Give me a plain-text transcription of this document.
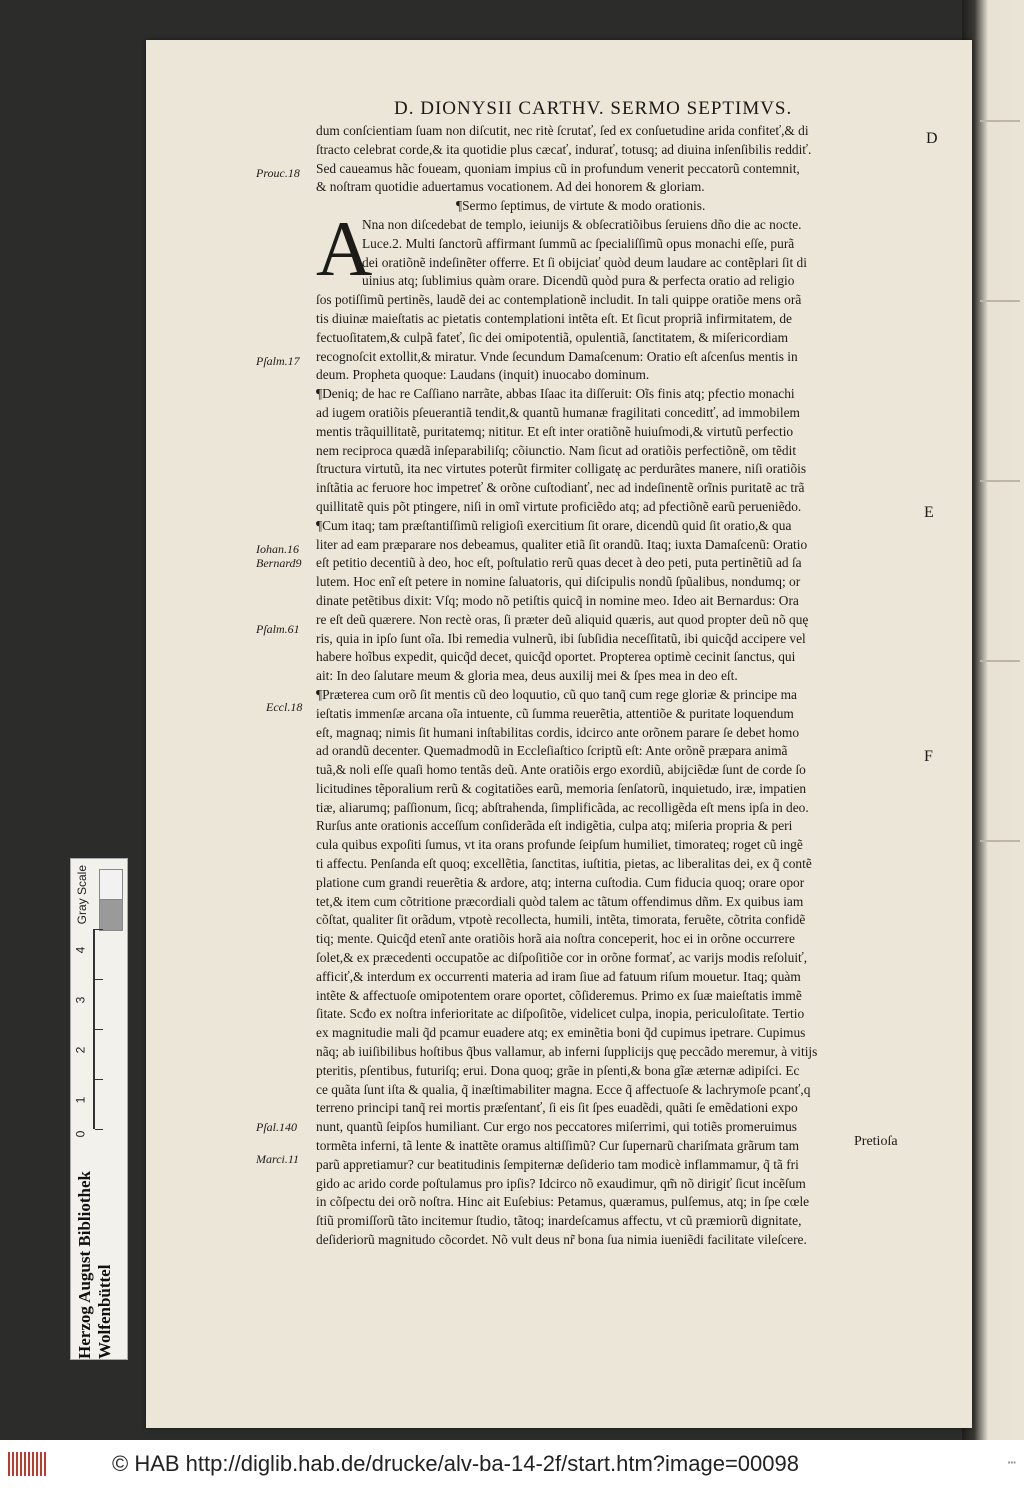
D. DIONYSII CARTHV. SERMO SEPTIMVS.
A
dum conſcientiam ſuam non diſcutit, nec ritè ſcrutať, ſed ex conſuetudine arida confiteť,& di
ſtracto celebrat corde,& ita quotidie plus cæcať, indurať, totusq; ad diuina inſenſibilis reddiť.
Sed caueamus hãc foueam, quoniam impius cũ in profundum venerit peccatorũ contemnit,
& noſtram quotidie aduertamus vocationem. Ad dei honorem & gloriam.
¶Sermo ſeptimus, de virtute & modo orationis.
Nna non diſcedebat de templo, ieiunijs & obſecratiõibus ſeruiens dño die ac nocte.
Luce.2. Multi ſanctorũ affirmant ſummũ ac ſpecialiſſimũ opus monachi eſſe, purã
dei oratiõnẽ indeſinẽter offerre. Et ſi obijciať quòd deum laudare ac contẽplari ſit di
uinius atq; ſublimius quàm orare. Dicendũ quòd pura & perfecta oratio ad religio
ſos potiſſimũ pertinẽs, laudẽ dei ac contemplationẽ includit. In tali quippe oratiõe mens orã
tis diuinæ maieſtatis ac pietatis contemplationi intẽta eſt. Et ſicut propriã infirmitatem, de
fectuoſitatem,& culpã fateť, ſic dei omipotentiã, opulentiã, ſanctitatem, & miſericordiam
recognoſcit extollit,& miratur. Vnde ſecundum Damaſcenum: Oratio eſt aſcenſus mentis in
deum. Propheta quoque: Laudans (inquit) inuocabo dominum.
¶Deniq; de hac re Caſſiano narrãte, abbas Iſaac ita diſſeruit: Oĩs finis atq; pfectio monachi
ad iugem oratiõis pſeuerantiã tendit,& quantũ humanæ fragilitati conceditť, ad immobilem
mentis trãquillitatẽ, puritatemq; nititur. Et eſt inter oratiõnẽ huiuſmodi,& virtutũ perfectio
nem reciproca quædã inſeparabiliſq; cõiunctio. Nam ſicut ad oratiõis perfectiõnẽ, om tẽdit
ſtructura virtutũ, ita nec virtutes poterũt firmiter colligatę ac perdurãtes manere, niſi oratiõis
inſtãtia ac feruore hoc impetreť & orõne cuſtodianť, nec ad indeſinentẽ orĩnis puritatẽ ac trã
quillitatẽ quis põt ptingere, niſi in omĩ virtute proficiẽdo atq; ad pfectiõnẽ earũ perueniẽdo.
¶Cum itaq; tam præſtantiſſimũ religioſi exercitium ſit orare, dicendũ quid ſit oratio,& qua
liter ad eam præparare nos debeamus, qualiter etiã ſit orandũ. Itaq; iuxta Damaſcenũ: Oratio
eſt petitio decentiũ à deo, hoc eſt, poſtulatio rerũ quas decet à deo peti, puta pertinẽtiũ ad ſa
lutem. Hoc enĩ eſt petere in nomine ſaluatoris, qui diſcipulis nondũ ſpũalibus, nondumq; or
dinate petẽtibus dixit: Vſq; modo nõ petiſtis quicq̃ in nomine meo. Ideo ait Bernardus: Ora
re eſt deũ quærere. Non rectè oras, ſi præter deũ aliquid quæris, aut quod propter deũ nõ quę
ris, quia in ipſo ſunt oĩa. Ibi remedia vulnerũ, ibi ſubſidia neceſſitatũ, ibi quicq̃d accipere vel
habere hoĩbus expedit, quicq̃d decet, quicq̃d oportet. Propterea optimè cecinit ſanctus, qui
ait: In deo ſalutare meum & gloria mea, deus auxilij mei & ſpes mea in deo eſt.
¶Præterea cum orõ ſit mentis cũ deo loquutio, cũ quo tanq̃ cum rege gloriæ & principe ma
ieſtatis immenſæ arcana oĩa intuente, cũ ſumma reuerẽtia, attentiõe & puritate loquendum
eſt, magnaq; nimis ſit humani inſtabilitas cordis, idcirco ante orõnem parare ſe debet homo
ad orandũ decenter. Quemadmodũ in Eccleſiaſtico ſcriptũ eſt: Ante orõnẽ præpara animã
tuã,& noli eſſe quaſi homo tentãs deũ. Ante oratiõis ergo exordiũ, abijciẽdæ ſunt de corde ſo
licitudines tẽporalium rerũ & cogitatiões earũ, memoria ſenſatorũ, inquietudo, iræ, impatien
tiæ, aliarumq; paſſionum, ſicq; abſtrahenda, ſimplificãda, ac recolligẽda eſt mens ipſa in deo.
Rurſus ante orationis acceſſum conſiderãda eſt indigẽtia, culpa atq; miſeria propria & peri
cula quibus expoſiti ſumus, vt ita orans profunde ſeipſum humiliet, timorateq; roget cũ ingẽ
ti affectu. Penſanda eſt quoq; excellẽtia, ſanctitas, iuſtitia, pietas, ac liberalitas dei, ex q̃ contẽ
platione cum grandi reuerẽtia & ardore, atq; interna cuſtodia. Cum fiducia quoq; orare opor
tet,& item cum cõtritione præcordiali quòd talem ac tãtum offendimus dñm. Ex quibus iam
cõſtat, qualiter ſit orãdum, vtpotè recollecta, humili, intẽta, timorata, feruẽte, cõtrita confidẽ
tiq; mente. Quicq̃d etenĩ ante oratiõis horã aia noſtra conceperit, hoc ei in orõne occurrere
ſolet,& ex præcedenti occupatõe ac diſpoſitiõe cor in orõne formať, ac varijs modis reſoluiť,
afficiť,& interdum ex occurrenti materia ad iram ſiue ad fatuum riſum mouetur. Itaq; quàm
intẽte & affectuoſe omipotentem orare oportet, cõſideremus. Primo ex ſuæ maieſtatis immẽ
ſitate. Scđo ex noſtra inferioritate ac diſpoſitõe, videlicet culpa, inopia, periculoſitate. Tertio
ex magnitudie mali q̃d pcamur euadere atq; ex eminẽtia boni q̃d cupimus ipetrare. Cupimus
nãq; ab iuiſibilibus hoſtibus q̃bus vallamur, ab inferni ſupplicijs quę peccãdo meremur, à vitijs
pteritis, pſentibus, futuriſq; erui. Dona quoq; grãe in pſenti,& bona gĩæ æternæ adipiſci. Ec
ce quãta ſunt iſta & qualia, q̃ inæſtimabiliter magna. Ecce q̃ affectuoſe & lachrymoſe pcanť,q
terreno principi tanq̃ rei mortis præſentanť, ſi eis ſit ſpes euadẽdi, quãti ſe emẽdationi expo
nunt, quantũ ſeipſos humiliant. Cur ergo nos peccatores miſerrimi, qui totiẽs promeruimus
tormẽta inferni, tã lente & inattẽte oramus altiſſimũ? Cur ſupernarũ chariſmata grãrum tam
parũ appretiamur? cur beatitudinis ſempiternæ deſiderio tam modicè inflammamur, q̃ tã fri
gido ac arido corde poſtulamus pro ipſis? Idcirco nõ exaudimur, qm̃ nõ dirigiť ſicut incẽſum
in cõſpectu dei orõ noſtra. Hinc ait Euſebius: Petamus, quæramus, pulſemus, atq; in ſpe cœle
ſtiũ promiſſorũ tãto incitemur ſtudio, tãtoq; inardeſcamus affectu, vt cũ præmiorũ dignitate,
deſideriorũ magnitudo cõcordet. Nõ vult deus nr̃ bona ſua nimia iueniẽdi facilitate vileſcere.
Pretioſa
Prouc.18
Pſalm.17
Iohan.16
Bernard9
Pſalm.61
Eccl.18
Pſal.140
Marci.11
D
E
F
Gray Scale
4
3
2
1
0
Herzog August Bibliothek Wolfenbüttel
© HAB http://diglib.hab.de/drucke/alv-ba-14-2f/start.htm?image=00098	▪▪▪
